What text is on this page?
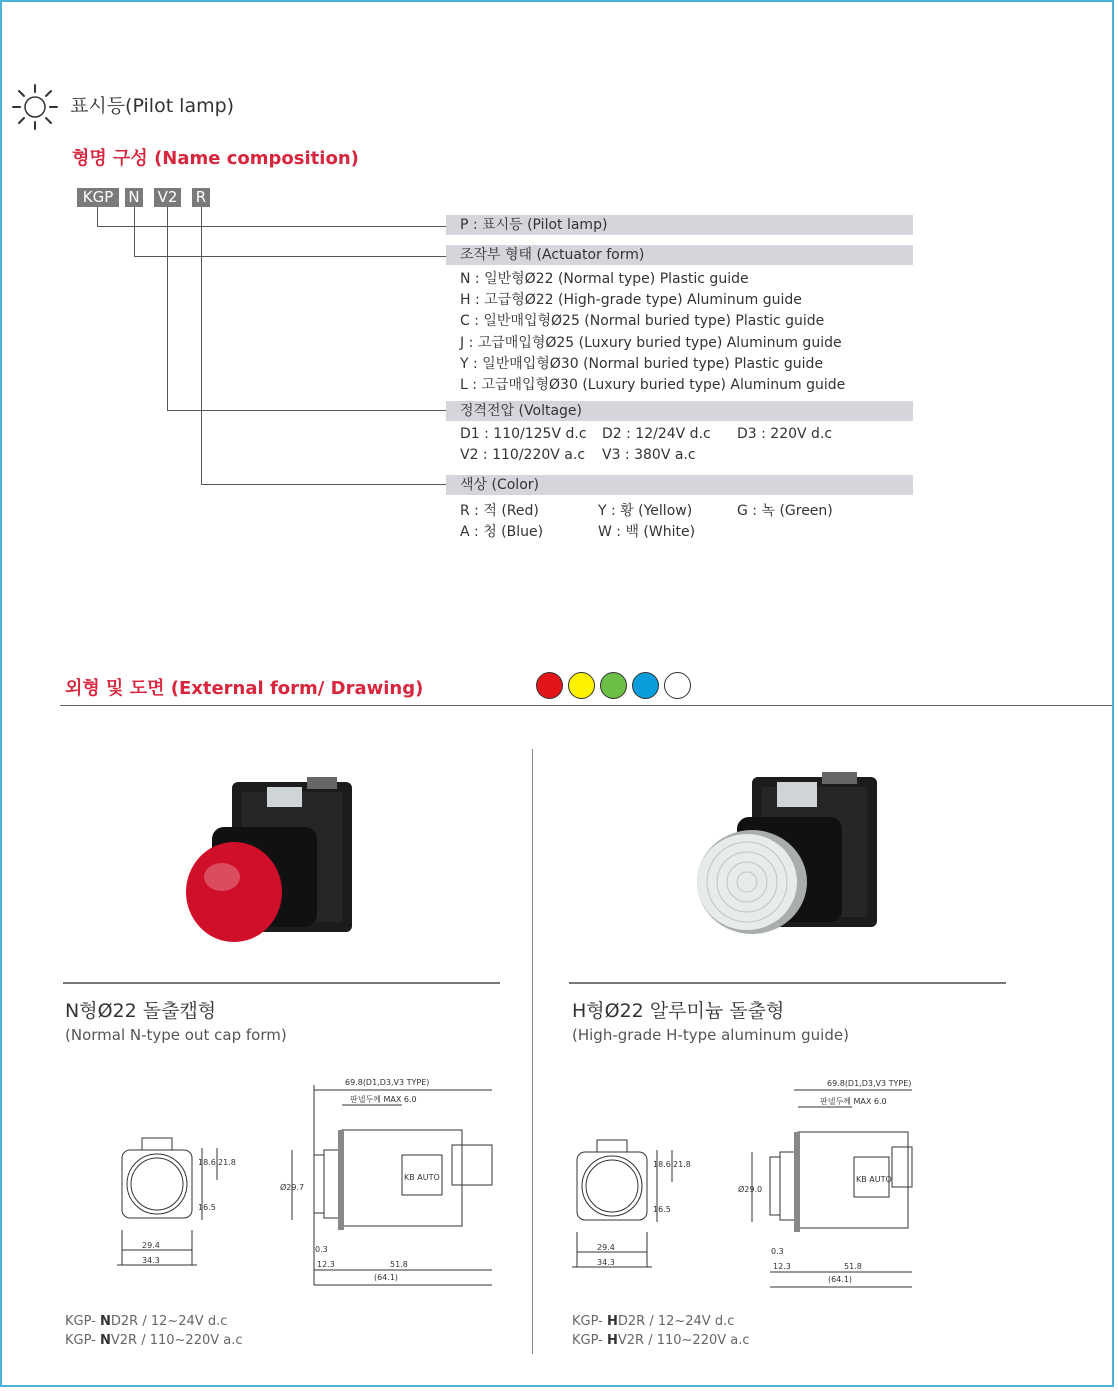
표시등(Pilot lamp)
형명 구성 (Name composition)
KGP	N V2 R
P : 표시등 (Pilot lamp)
조작부 형태 (Actuator form)
N : 일반형Ø22 (Normal type) Plastic guide
H : 고급형Ø22 (High-grade type) Aluminum guide
C : 일반매입형Ø25 (Normal buried type) Plastic guide
J : 고급매입형Ø25 (Luxury buried type) Aluminum guide
Y : 일반매입형Ø30 (Normal buried type) Plastic guide
L : 고급매입형Ø30 (Luxury buried type) Aluminum guide
정격전압 (Voltage)
D1 : 110/125V d.c D2 : 12/24V d.c D3 : 220V d.c
V2 : 110/220V a.c V3 : 380V a.c
색상 (Color)
R : 적 (Red)	Y : 황 (Yellow)	G : 녹 (Green)
A : 청 (Blue)	W : 백 (White)
외형 및 도면 (External form/ Drawing)
N형Ø22 돌출캡형
(Normal N-type out cap form)
H형Ø22 알루미늄 돌출형
(High-grade H-type aluminum guide)
29.4
34.3
18.6 21.8
16.5
69.8(D1,D3,V3 TYPE)
판넬두께 MAX 6.0
Ø29.7
0.3
12.3	51.8
(64.1)
KB AUTO
29.4
34.3
18.6 21.8
16.5
69.8(D1,D3,V3 TYPE)
판넬두께 MAX 6.0
Ø29.0
0.3
12.3	51.8
(64.1)
KB AUTO
KGP- ND2R / 12~24V d.c
KGP- NV2R / 110~220V a.c
KGP- HD2R / 12~24V d.c
KGP- HV2R / 110~220V a.c
